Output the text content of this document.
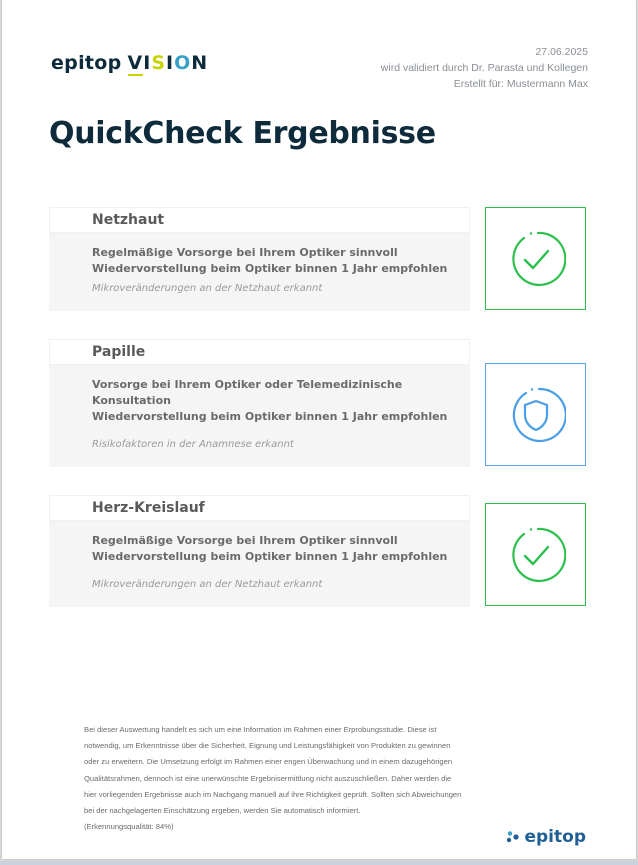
epitop VISION	27.06.2025
wird validiert durch Dr. Parasta und Kollegen
Erstellt für: Mustermann Max
QuickCheck Ergebnisse
Netzhaut
Regelmäßige Vorsorge bei Ihrem Optiker sinnvoll
Wiedervorstellung beim Optiker binnen 1 Jahr empfohlen
Mikroveränderungen an der Netzhaut erkannt
Papille
Vorsorge bei Ihrem Optiker oder Telemedizinische Konsultation
Wiedervorstellung beim Optiker binnen 1 Jahr empfohlen
Risikofaktoren in der Anamnese erkannt
Herz-Kreislauf
Regelmäßige Vorsorge bei Ihrem Optiker sinnvoll
Wiedervorstellung beim Optiker binnen 1 Jahr empfohlen
Mikroveränderungen an der Netzhaut erkannt
Bei dieser Auswertung handelt es sich um eine Information im Rahmen einer Erprobungsstudie. Diese ist notwendig, um Erkenntnisse über die Sicherheit, Eignung und Leistungsfähigkeit von Produkten zu gewinnen oder zu erweitern. Die Umsetzung erfolgt im Rahmen einer engen Überwachung und in einem dazugehörigen Qualitätsrahmen, dennoch ist eine unerwünschte Ergebnisermittlung nicht auszuschließen. Daher werden die hier vorliegenden Ergebnisse auch im Nachgang manuell auf ihre Richtigkeit geprüft. Sollten sich Abweichungen bei der nachgelagerten Einschätzung ergeben, werden Sie automatisch informiert.
(Erkennungsqualität: 84%)
epitop
